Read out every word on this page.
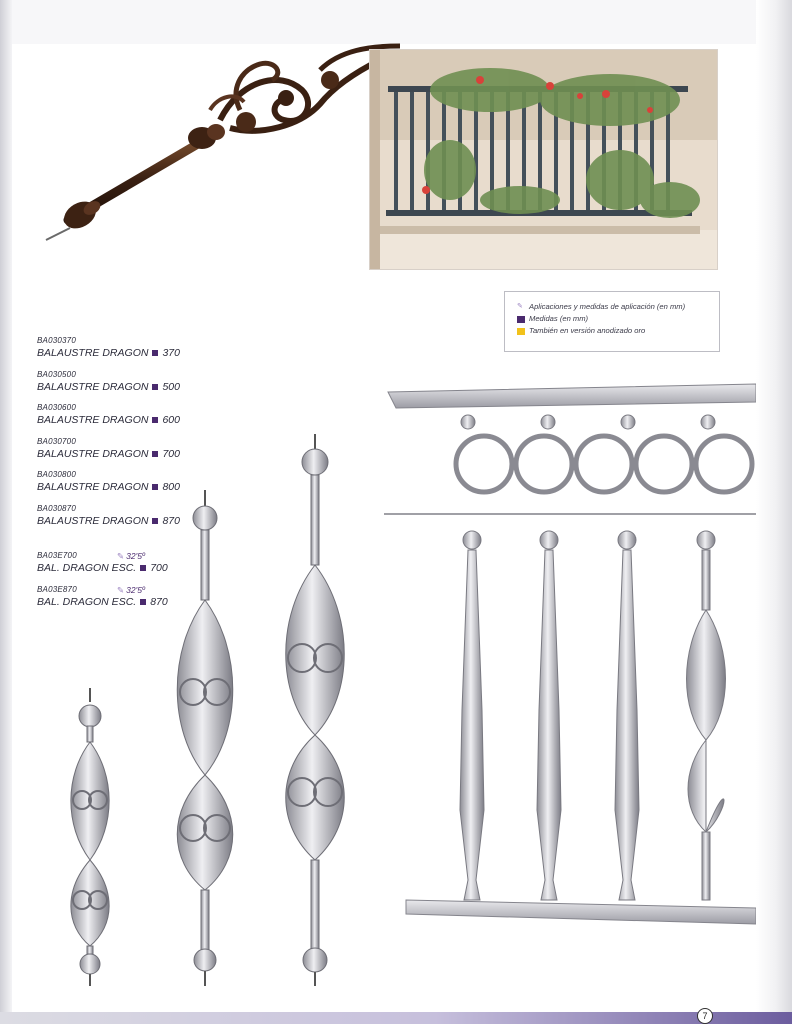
✎ Aplicaciones y medidas de aplicación (en mm)
Medidas (en mm)
También en versión anodizado oro
BA030370
BALAUSTRE DRAGON 370
BA030500
BALAUSTRE DRAGON 500
BA030600
BALAUSTRE DRAGON 600
BA030700
BALAUSTRE DRAGON 700
BA030800
BALAUSTRE DRAGON 800
BA030870
BALAUSTRE DRAGON 870
BA03E700	✎ 32'5º
BAL. DRAGON ESC. 700
BA03E870	✎ 32'5º
BAL. DRAGON ESC. 870
7
